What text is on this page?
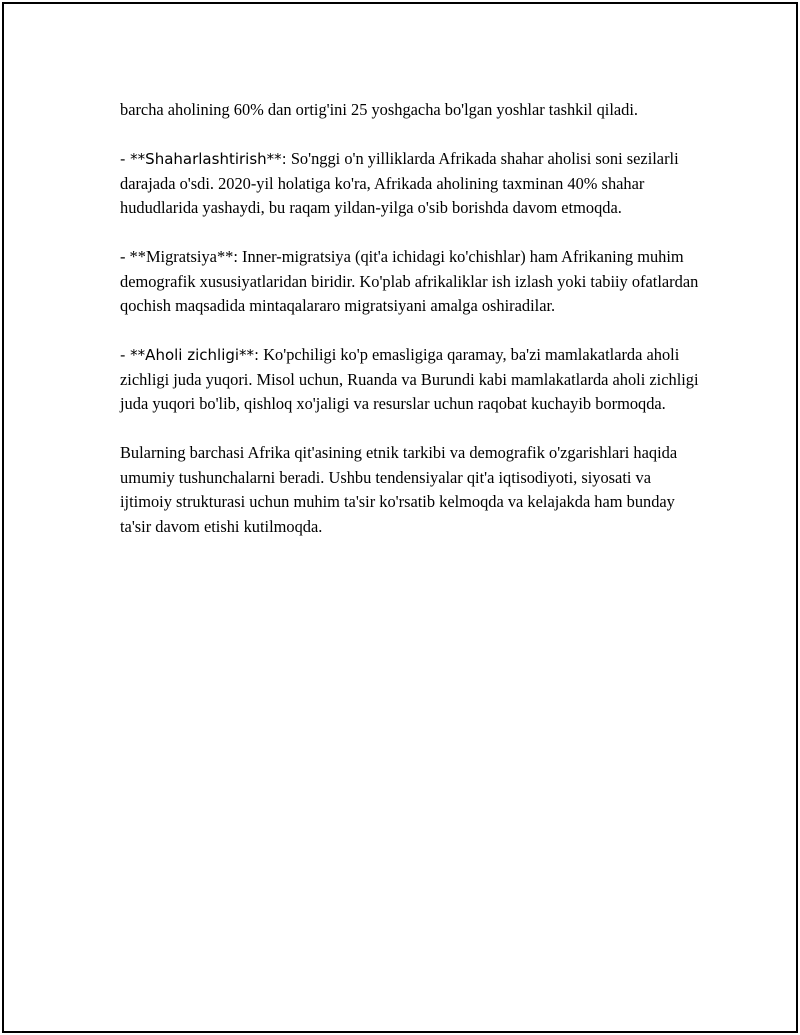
barcha aholining 60% dan ortig'ini 25 yoshgacha bo'lgan yoshlar tashkil qiladi.

- **Shaharlashtirish**: So'nggi o'n yilliklarda Afrikada shahar aholisi soni sezilarli darajada o'sdi. 2020-yil holatiga ko'ra, Afrikada aholining taxminan 40% shahar hududlarida yashaydi, bu raqam yildan-yilga o'sib borishda davom etmoqda.

- **Migratsiya**: Inner-migratsiya (qit'a ichidagi ko'chishlar) ham Afrikaning muhim demografik xususiyatlaridan biridir. Ko'plab afrikaliklar ish izlash yoki tabiiy ofatlardan qochish maqsadida mintaqalararo migratsiyani amalga oshiradilar.

- **Aholi zichligi**: Ko'pchiligi ko'p emasligiga qaramay, ba'zi mamlakatlarda aholi zichligi juda yuqori. Misol uchun, Ruanda va Burundi kabi mamlakatlarda aholi zichligi juda yuqori bo'lib, qishloq xo'jaligi va resurslar uchun raqobat kuchayib bormoqda.

Bularning barchasi Afrika qit'asining etnik tarkibi va demografik o'zgarishlari haqida umumiy tushunchalarni beradi. Ushbu tendensiyalar qit'a iqtisodiyoti, siyosati va ijtimoiy strukturasi uchun muhim ta'sir ko'rsatib kelmoqda va kelajakda ham bunday ta'sir davom etishi kutilmoqda.
